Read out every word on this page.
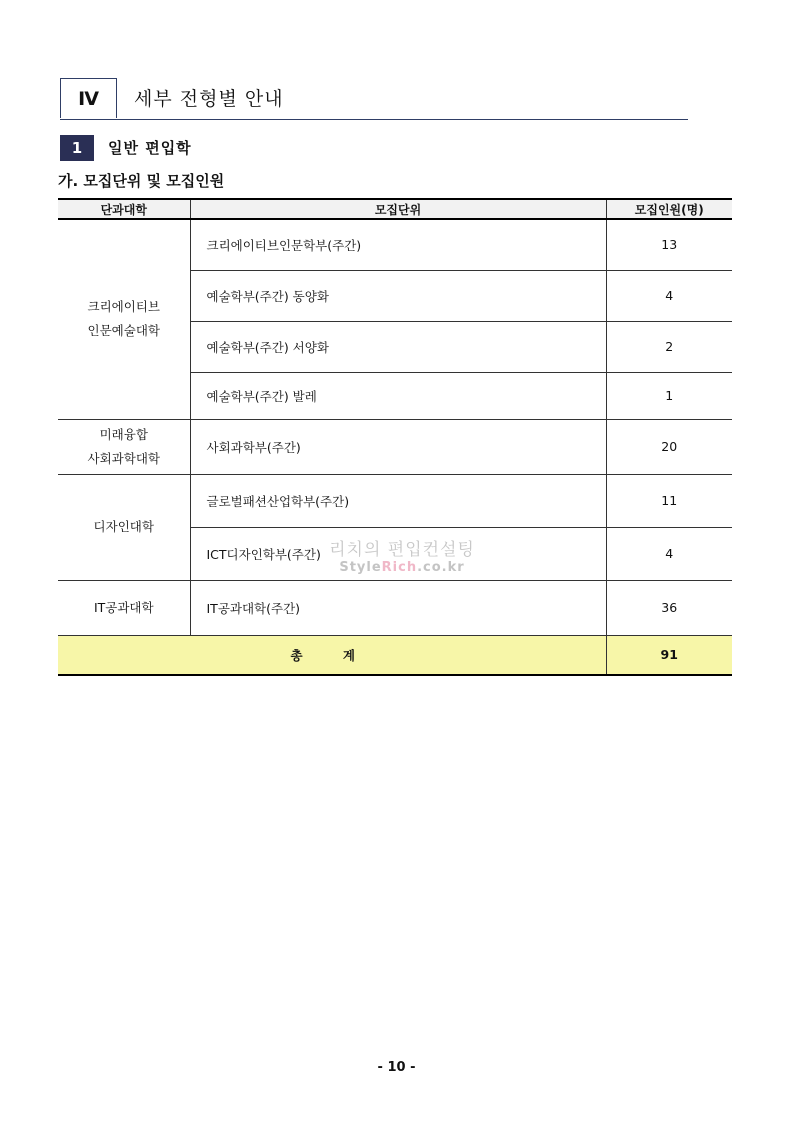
Ⅳ	세부 전형별 안내
1	일반 편입학
가. 모집단위 및 모집인원
단과대학	모집단위	모집인원(명)

크리에이티브
인문예술대학	크리에이티브인문학부(주간)	13
	예술학부(주간) 동양화	4
	예술학부(주간) 서양화	2
	예술학부(주간) 발레	1

미래융합
사회과학대학	사회과학부(주간)	20

디자인대학	글로벌패션산업학부(주간)	11
	ICT디자인학부(주간)	4

IT공과대학	IT공과대학(주간)	36
총 계		91
리치의 편입컨설팅
StyleRich.co.kr
- 10 -
